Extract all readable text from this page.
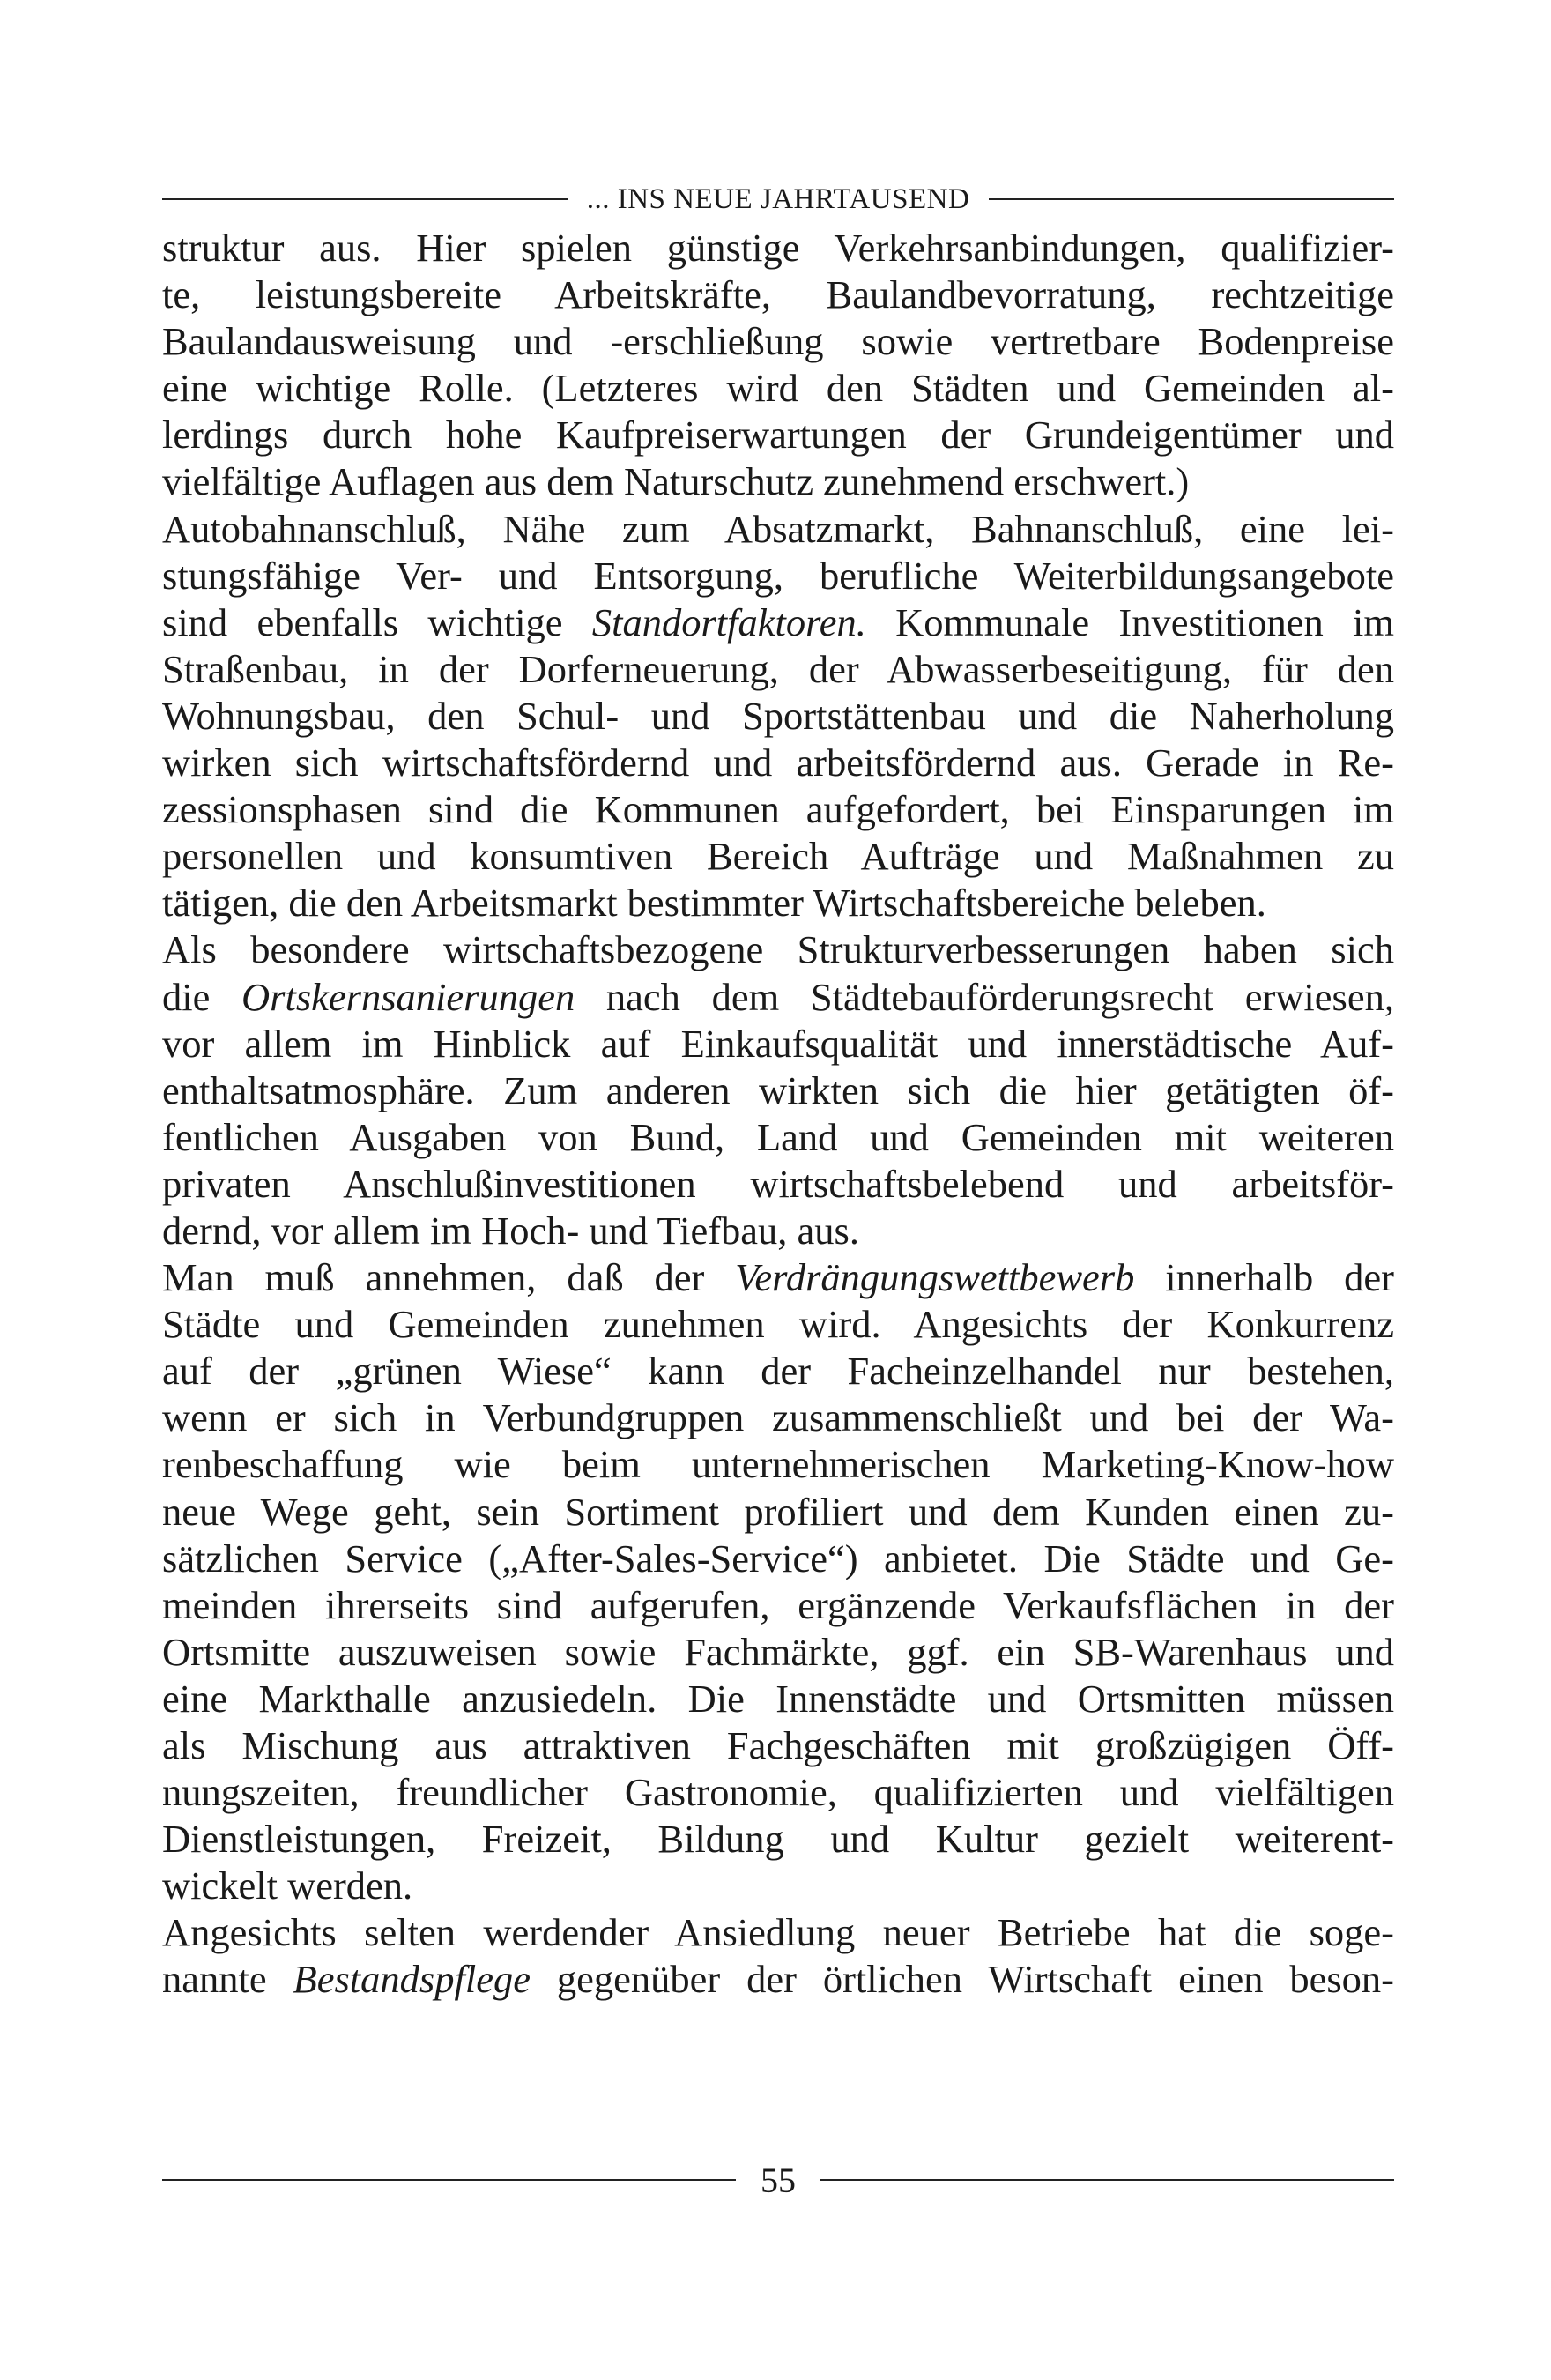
... INS NEUE JAHRTAUSEND
struktur aus. Hier spielen günstige Verkehrsanbindungen, qualifizier-
te, leistungsbereite Arbeitskräfte, Baulandbevorratung, rechtzeitige
Baulandausweisung und -erschließung sowie vertretbare Bodenpreise
eine wichtige Rolle. (Letzteres wird den Städten und Gemeinden al-
lerdings durch hohe Kaufpreiserwartungen der Grundeigentümer und
vielfältige Auflagen aus dem Naturschutz zunehmend erschwert.)
Autobahnanschluß, Nähe zum Absatzmarkt, Bahnanschluß, eine lei-
stungsfähige Ver- und Entsorgung, berufliche Weiterbildungsangebote
sind ebenfalls wichtige Standortfaktoren. Kommunale Investitionen im
Straßenbau, in der Dorferneuerung, der Abwasserbeseitigung, für den
Wohnungsbau, den Schul- und Sportstättenbau und die Naherholung
wirken sich wirtschaftsfördernd und arbeitsfördernd aus. Gerade in Re-
zessionsphasen sind die Kommunen aufgefordert, bei Einsparungen im
personellen und konsumtiven Bereich Aufträge und Maßnahmen zu
tätigen, die den Arbeitsmarkt bestimmter Wirtschaftsbereiche beleben.
Als besondere wirtschaftsbezogene Strukturverbesserungen haben sich
die Ortskernsanierungen nach dem Städtebauförderungsrecht erwiesen,
vor allem im Hinblick auf Einkaufsqualität und innerstädtische Auf-
enthaltsatmosphäre. Zum anderen wirkten sich die hier getätigten öf-
fentlichen Ausgaben von Bund, Land und Gemeinden mit weiteren
privaten Anschlußinvestitionen wirtschaftsbelebend und arbeitsför-
dernd, vor allem im Hoch- und Tiefbau, aus.
Man muß annehmen, daß der Verdrängungswettbewerb innerhalb der
Städte und Gemeinden zunehmen wird. Angesichts der Konkurrenz
auf der „grünen Wiese“ kann der Facheinzelhandel nur bestehen,
wenn er sich in Verbundgruppen zusammenschließt und bei der Wa-
renbeschaffung wie beim unternehmerischen Marketing-Know-how
neue Wege geht, sein Sortiment profiliert und dem Kunden einen zu-
sätzlichen Service („After-Sales-Service“) anbietet. Die Städte und Ge-
meinden ihrerseits sind aufgerufen, ergänzende Verkaufsflächen in der
Ortsmitte auszuweisen sowie Fachmärkte, ggf. ein SB-Warenhaus und
eine Markthalle anzusiedeln. Die Innenstädte und Ortsmitten müssen
als Mischung aus attraktiven Fachgeschäften mit großzügigen Öff-
nungszeiten, freundlicher Gastronomie, qualifizierten und vielfältigen
Dienstleistungen, Freizeit, Bildung und Kultur gezielt weiterent-
wickelt werden.
Angesichts selten werdender Ansiedlung neuer Betriebe hat die soge-
nannte Bestandspflege gegenüber der örtlichen Wirtschaft einen beson-
55
